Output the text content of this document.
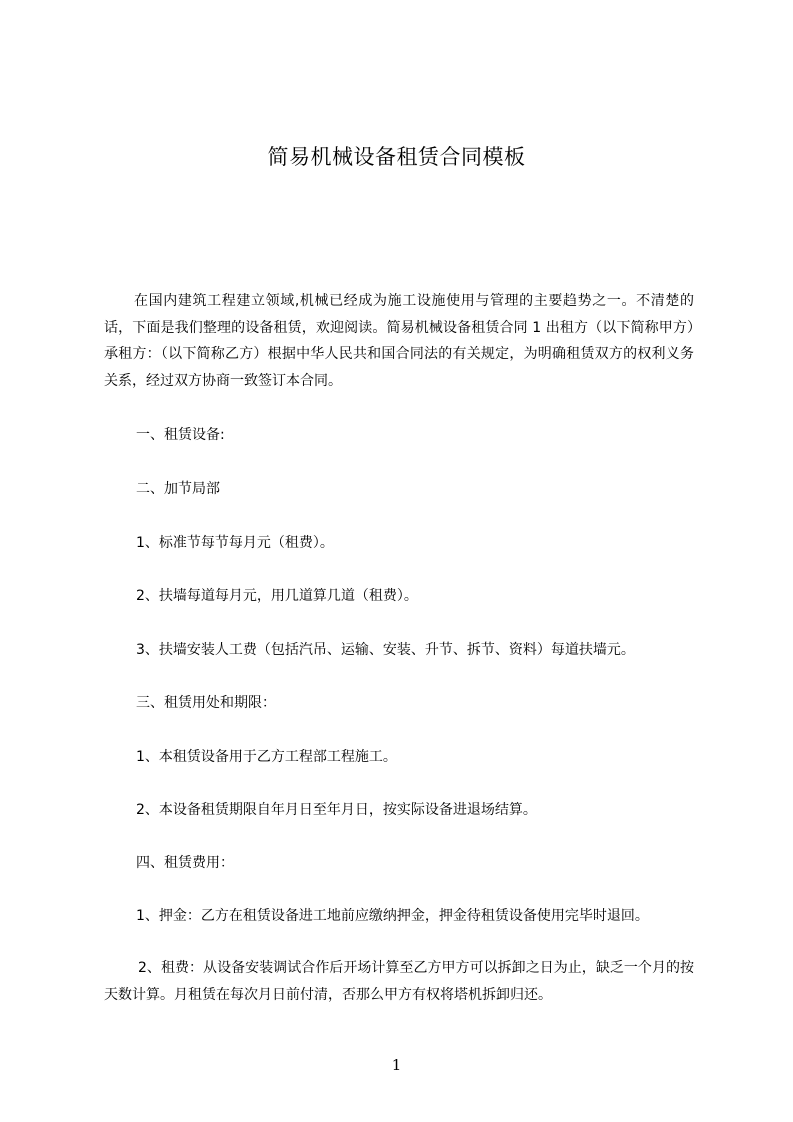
简易机械设备租赁合同模板
在国内建筑工程建立领域,机械已经成为施工设施使用与管理的主要趋势之一。不清楚的话，下面是我们整理的设备租赁，欢迎阅读。简易机械设备租赁合同 1 出租方（以下简称甲方）承租方：（以下简称乙方）根据中华人民共和国合同法的有关规定，为明确租赁双方的权利义务关系，经过双方协商一致签订本合同。
一、租赁设备:
二、加节局部
1、标准节每节每月元（租费）。
2、扶墙每道每月元，用几道算几道（租费）。
3、扶墙安装人工费（包括汽吊、运输、安装、升节、拆节、资料）每道扶墙元。
三、租赁用处和期限：
1、本租赁设备用于乙方工程部工程施工。
2、本设备租赁期限自年月日至年月日，按实际设备进退场结算。
四、租赁费用：
1、押金：乙方在租赁设备进工地前应缴纳押金，押金待租赁设备使用完毕时退回。
2、租费：从设备安装调试合作后开场计算至乙方甲方可以拆卸之日为止，缺乏一个月的按天数计算。月租赁在每次月日前付清，否那么甲方有权将塔机拆卸归还。
1
